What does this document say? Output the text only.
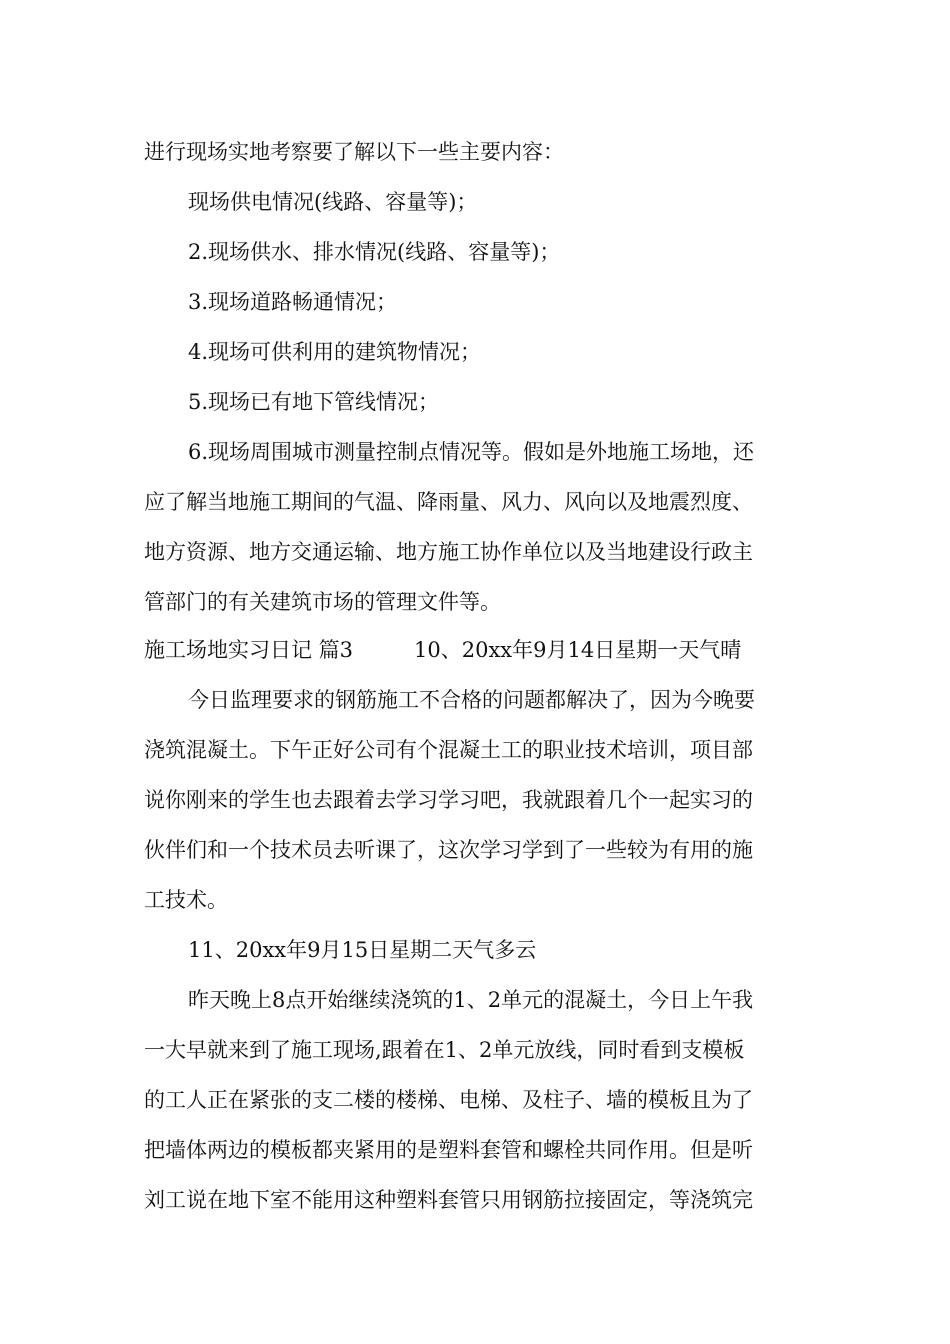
进行现场实地考察要了解以下一些主要内容：
现场供电情况(线路、容量等)；
2.现场供水、排水情况(线路、容量等)；
3.现场道路畅通情况；
4.现场可供利用的建筑物情况；
5.现场已有地下管线情况；
6.现场周围城市测量控制点情况等。假如是外地施工场地，还
应了解当地施工期间的气温、降雨量、风力、风向以及地震烈度、
地方资源、地方交通运输、地方施工协作单位以及当地建设行政主
管部门的有关建筑市场的管理文件等。
施工场地实习日记 篇3	10、20xx年9月14日星期一天气晴
今日监理要求的钢筋施工不合格的问题都解决了，因为今晚要
浇筑混凝土。下午正好公司有个混凝土工的职业技术培训，项目部
说你刚来的学生也去跟着去学习学习吧，我就跟着几个一起实习的
伙伴们和一个技术员去听课了，这次学习学到了一些较为有用的施
工技术。
11、20xx年9月15日星期二天气多云
昨天晚上8点开始继续浇筑的1、2单元的混凝土，今日上午我
一大早就来到了施工现场,跟着在1、2单元放线，同时看到支模板
的工人正在紧张的支二楼的楼梯、电梯、及柱子、墙的模板且为了
把墙体两边的模板都夹紧用的是塑料套管和螺栓共同作用。但是听
刘工说在地下室不能用这种塑料套管只用钢筋拉接固定，等浇筑完
